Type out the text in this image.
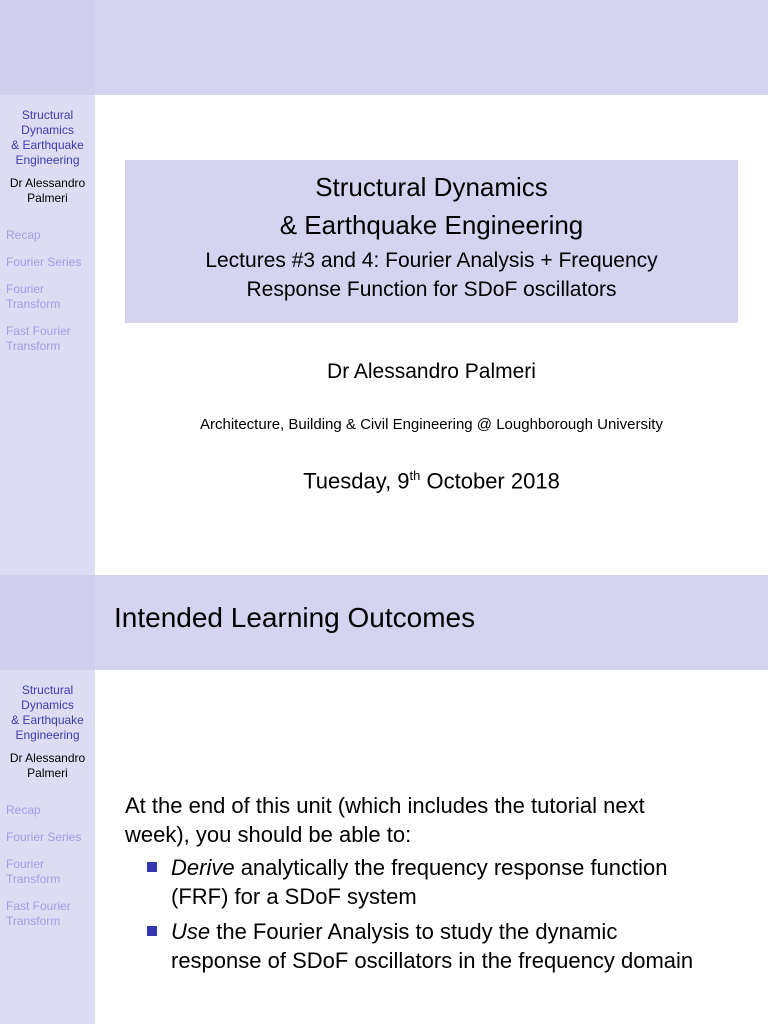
Structural
Dynamics
& Earthquake
Engineering
Dr Alessandro
Palmeri
Recap
Fourier Series
Fourier
Transform
Fast Fourier
Transform
Structural Dynamics
& Earthquake Engineering
Lectures #3 and 4: Fourier Analysis + Frequency
Response Function for SDoF oscillators
Dr Alessandro Palmeri
Architecture, Building & Civil Engineering @ Loughborough University
Tuesday, 9th October 2018
Intended Learning Outcomes
Structural
Dynamics
& Earthquake
Engineering
Dr Alessandro
Palmeri
Recap
Fourier Series
Fourier
Transform
Fast Fourier
Transform
At the end of this unit (which includes the tutorial next
week), you should be able to:
Derive analytically the frequency response function
(FRF) for a SDoF system
Use the Fourier Analysis to study the dynamic
response of SDoF oscillators in the frequency domain
